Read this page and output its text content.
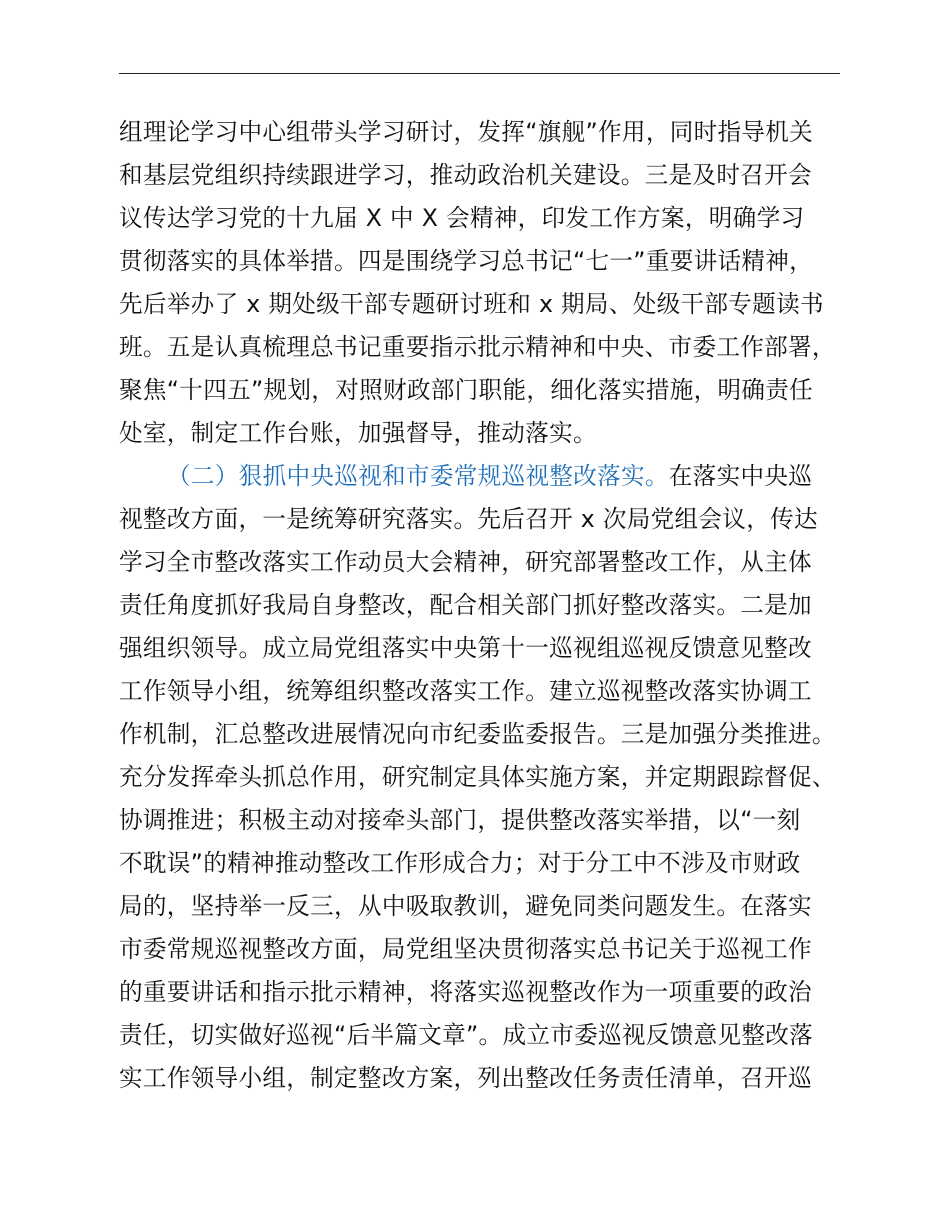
组理论学习中心组带头学习研讨，发挥“旗舰”作用，同时指导机关
和基层党组织持续跟进学习，推动政治机关建设。三是及时召开会
议传达学习党的十九届 X 中 X 会精神，印发工作方案，明确学习
贯彻落实的具体举措。四是围绕学习总书记“七一”重要讲话精神，
先后举办了 x 期处级干部专题研讨班和 x 期局、处级干部专题读书
班。五是认真梳理总书记重要指示批示精神和中央、市委工作部署，
聚焦“十四五”规划，对照财政部门职能，细化落实措施，明确责任
处室，制定工作台账，加强督导，推动落实。
（二）狠抓中央巡视和市委常规巡视整改落实。在落实中央巡
视整改方面，一是统筹研究落实。先后召开 x 次局党组会议，传达
学习全市整改落实工作动员大会精神，研究部署整改工作，从主体
责任角度抓好我局自身整改，配合相关部门抓好整改落实。二是加
强组织领导。成立局党组落实中央第十一巡视组巡视反馈意见整改
工作领导小组，统筹组织整改落实工作。建立巡视整改落实协调工
作机制，汇总整改进展情况向市纪委监委报告。三是加强分类推进。
充分发挥牵头抓总作用，研究制定具体实施方案，并定期跟踪督促、
协调推进；积极主动对接牵头部门，提供整改落实举措，以“一刻
不耽误”的精神推动整改工作形成合力；对于分工中不涉及市财政
局的，坚持举一反三，从中吸取教训，避免同类问题发生。在落实
市委常规巡视整改方面，局党组坚决贯彻落实总书记关于巡视工作
的重要讲话和指示批示精神，将落实巡视整改作为一项重要的政治
责任，切实做好巡视“后半篇文章”。成立市委巡视反馈意见整改落
实工作领导小组，制定整改方案，列出整改任务责任清单，召开巡
